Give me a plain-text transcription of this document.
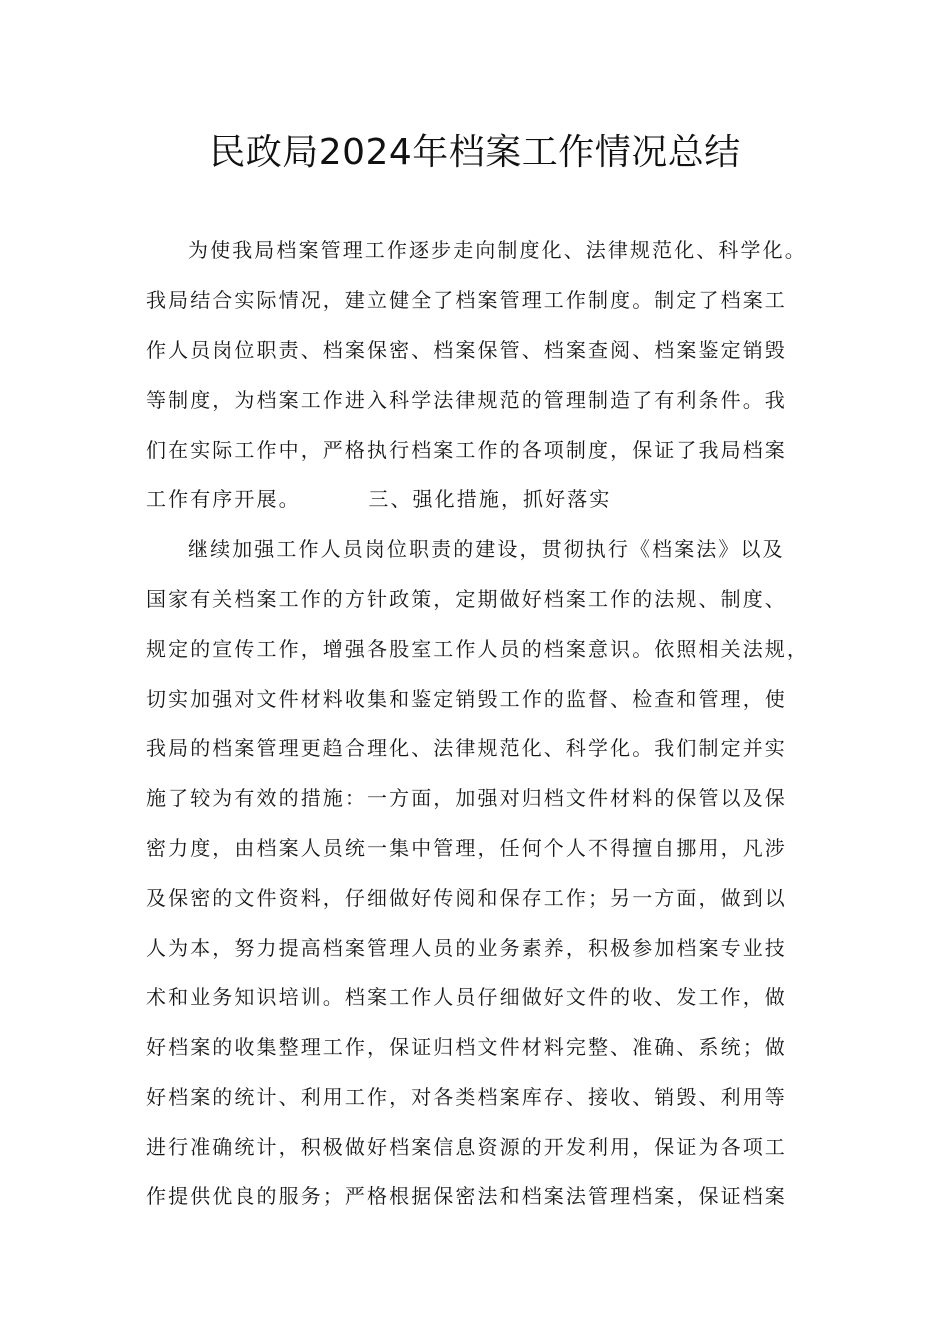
民政局2024年档案工作情况总结
为使我局档案管理工作逐步走向制度化、法律规范化、科学化。
我局结合实际情况，建立健全了档案管理工作制度。制定了档案工
作人员岗位职责、档案保密、档案保管、档案查阅、档案鉴定销毁
等制度，为档案工作进入科学法律规范的管理制造了有利条件。我
们在实际工作中，严格执行档案工作的各项制度，保证了我局档案
工作有序开展。        三、强化措施，抓好落实
继续加强工作人员岗位职责的建设，贯彻执行《档案法》以及
国家有关档案工作的方针政策，定期做好档案工作的法规、制度、
规定的宣传工作，增强各股室工作人员的档案意识。依照相关法规，
切实加强对文件材料收集和鉴定销毁工作的监督、检查和管理，使
我局的档案管理更趋合理化、法律规范化、科学化。我们制定并实
施了较为有效的措施：一方面，加强对归档文件材料的保管以及保
密力度，由档案人员统一集中管理，任何个人不得擅自挪用，凡涉
及保密的文件资料，仔细做好传阅和保存工作；另一方面，做到以
人为本，努力提高档案管理人员的业务素养，积极参加档案专业技
术和业务知识培训。档案工作人员仔细做好文件的收、发工作，做
好档案的收集整理工作，保证归档文件材料完整、准确、系统；做
好档案的统计、利用工作，对各类档案库存、接收、销毁、利用等
进行准确统计，积极做好档案信息资源的开发利用，保证为各项工
作提供优良的服务；严格根据保密法和档案法管理档案，保证档案
